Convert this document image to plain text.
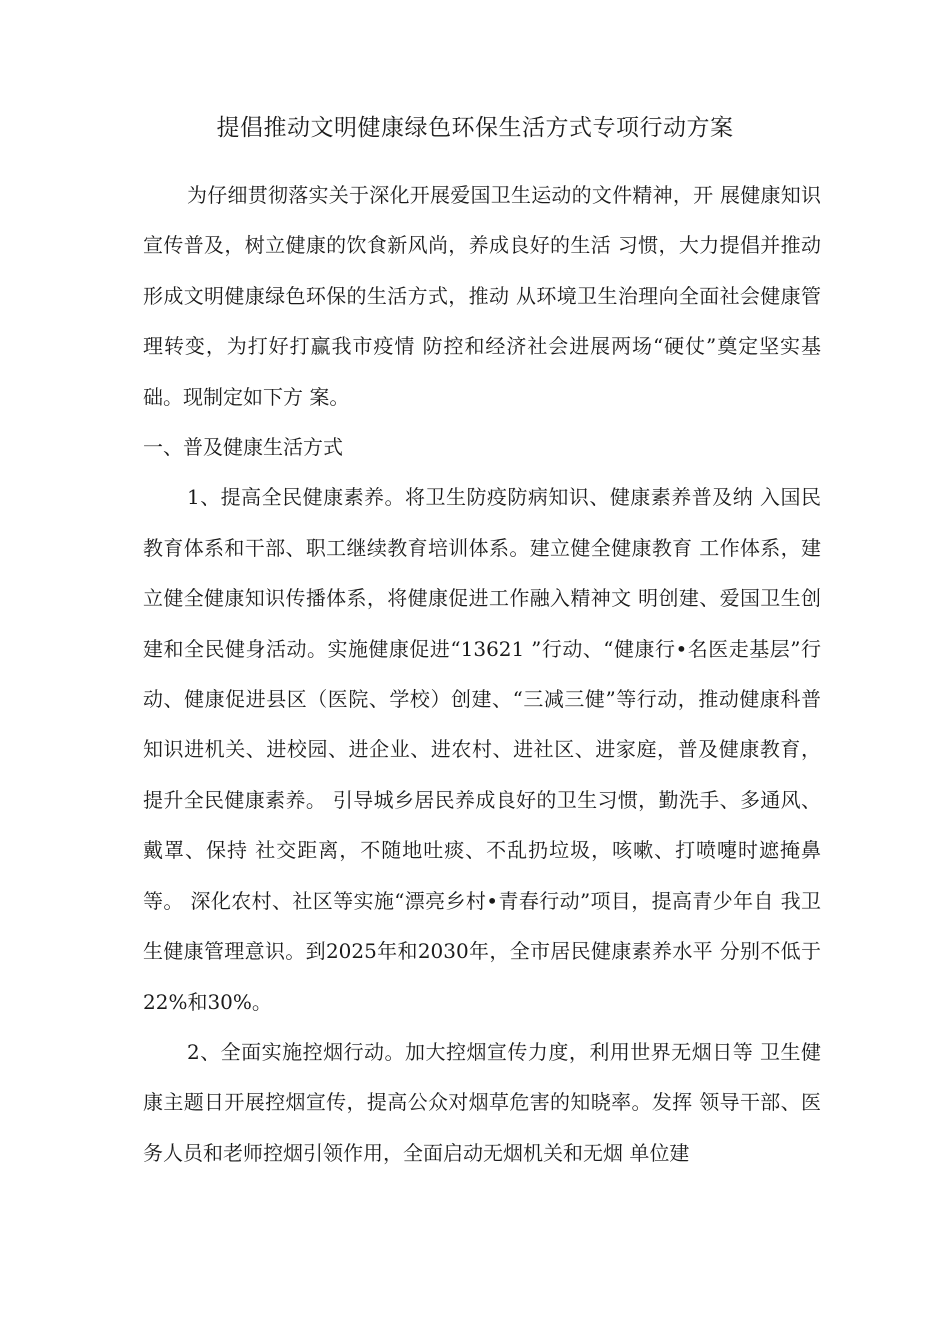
提倡推动文明健康绿色环保生活方式专项行动方案

为仔细贯彻落实关于深化开展爱国卫生运动的文件精神，开 展健康知识宣传普及，树立健康的饮食新风尚，养成良好的生活 习惯，大力提倡并推动形成文明健康绿色环保的生活方式，推动 从环境卫生治理向全面社会健康管理转变，为打好打赢我市疫情 防控和经济社会进展两场“硬仗”奠定坚实基础。现制定如下方 案。

一、普及健康生活方式

1、提高全民健康素养。将卫生防疫防病知识、健康素养普及纳 入国民教育体系和干部、职工继续教育培训体系。建立健全健康教育 工作体系，建立健全健康知识传播体系，将健康促进工作融入精神文 明创建、爱国卫生创建和全民健身活动。实施健康促进“13621 ”行动、“健康行•名医走基层”行动、健康促进县区（医院、学校）创建、“三减三健”等行动，推动健康科普知识进机关、进校园、进企业、进农村、进社区、进家庭，普及健康教育，提升全民健康素养。 引导城乡居民养成良好的卫生习惯，勤洗手、多通风、戴罩、保持 社交距离，不随地吐痰、不乱扔垃圾，咳嗽、打喷嚏时遮掩鼻等。 深化农村、社区等实施“漂亮乡村•青春行动”项目，提高青少年自 我卫生健康管理意识。到2025年和2030年，全市居民健康素养水平 分别不低于22%和30%。

2、全面实施控烟行动。加大控烟宣传力度，利用世界无烟日等 卫生健康主题日开展控烟宣传，提高公众对烟草危害的知晓率。发挥 领导干部、医务人员和老师控烟引领作用，全面启动无烟机关和无烟 单位建
